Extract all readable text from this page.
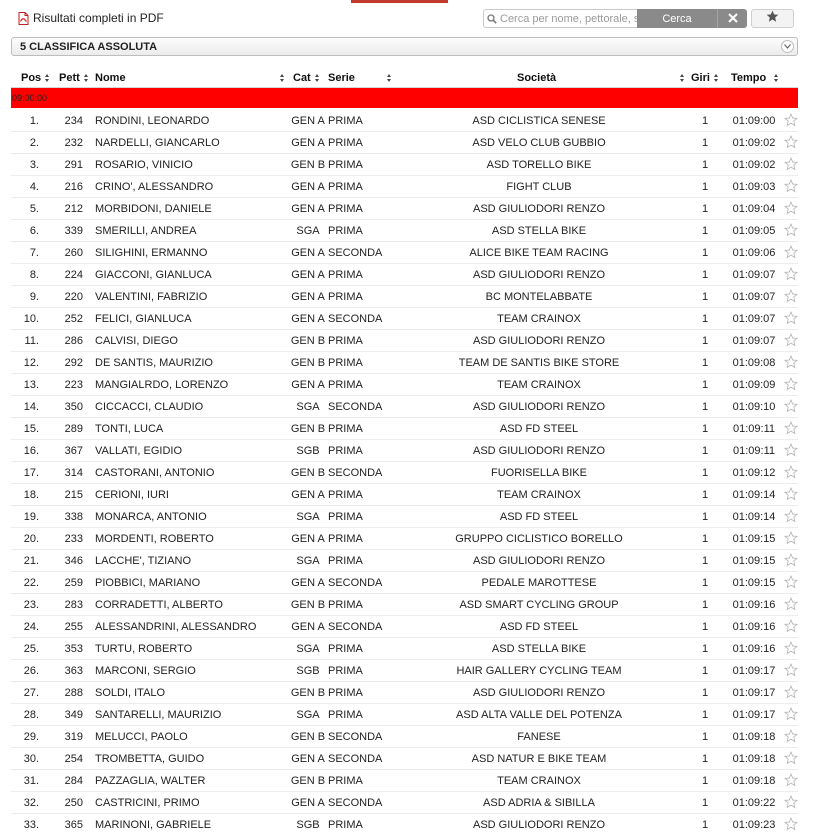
Risultati completi in PDF
Cerca per nome, pettorale, società	Cerca
5 CLASSIFICA ASSOLUTA
Pos Pett Nome	Cat Serie	Società	Giri Tempo
09:00:00
1.	234 RONDINI, LEONARDO	GEN A PRIMA	ASD CICLISTICA SENESE	1	01:09:00
2.	232 NARDELLI, GIANCARLO	GEN A PRIMA	ASD VELO CLUB GUBBIO	1	01:09:02
3.	291 ROSARIO, VINICIO	GEN B PRIMA	ASD TORELLO BIKE	1	01:09:02
4.	216 CRINO', ALESSANDRO	GEN A PRIMA	FIGHT CLUB	1	01:09:03
5.	212 MORBIDONI, DANIELE	GEN A PRIMA	ASD GIULIODORI RENZO	1	01:09:04
6.	339 SMERILLI, ANDREA	SGA PRIMA	ASD STELLA BIKE	1	01:09:05
7.	260 SILIGHINI, ERMANNO	GEN A SECONDA	ALICE BIKE TEAM RACING	1	01:09:06
8.	224 GIACCONI, GIANLUCA	GEN A PRIMA	ASD GIULIODORI RENZO	1	01:09:07
9.	220 VALENTINI, FABRIZIO	GEN A PRIMA	BC MONTELABBATE	1	01:09:07
10.	252 FELICI, GIANLUCA	GEN A SECONDA	TEAM CRAINOX	1	01:09:07
11.	286 CALVISI, DIEGO	GEN B PRIMA	ASD GIULIODORI RENZO	1	01:09:07
12.	292 DE SANTIS, MAURIZIO	GEN B PRIMA	TEAM DE SANTIS BIKE STORE	1	01:09:08
13.	223 MANGIALRDO, LORENZO	GEN A PRIMA	TEAM CRAINOX	1	01:09:09
14.	350 CICCACCI, CLAUDIO	SGA SECONDA	ASD GIULIODORI RENZO	1	01:09:10
15.	289 TONTI, LUCA	GEN B PRIMA	ASD FD STEEL	1	01:09:11
16.	367 VALLATI, EGIDIO	SGB PRIMA	ASD GIULIODORI RENZO	1	01:09:11
17.	314 CASTORANI, ANTONIO	GEN B SECONDA	FUORISELLA BIKE	1	01:09:12
18.	215 CERIONI, IURI	GEN A PRIMA	TEAM CRAINOX	1	01:09:14
19.	338 MONARCA, ANTONIO	SGA PRIMA	ASD FD STEEL	1	01:09:14
20.	233 MORDENTI, ROBERTO	GEN A PRIMA	GRUPPO CICLISTICO BORELLO	1	01:09:15
21.	346 LACCHE', TIZIANO	SGA PRIMA	ASD GIULIODORI RENZO	1	01:09:15
22.	259 PIOBBICI, MARIANO	GEN A SECONDA	PEDALE MAROTTESE	1	01:09:15
23.	283 CORRADETTI, ALBERTO	GEN B PRIMA	ASD SMART CYCLING GROUP	1	01:09:16
24.	255 ALESSANDRINI, ALESSANDRO	GEN A SECONDA	ASD FD STEEL	1	01:09:16
25.	353 TURTU, ROBERTO	SGA PRIMA	ASD STELLA BIKE	1	01:09:16
26.	363 MARCONI, SERGIO	SGB PRIMA	HAIR GALLERY CYCLING TEAM	1	01:09:17
27.	288 SOLDI, ITALO	GEN B PRIMA	ASD GIULIODORI RENZO	1	01:09:17
28.	349 SANTARELLI, MAURIZIO	SGA PRIMA	ASD ALTA VALLE DEL POTENZA	1	01:09:17
29.	319 MELUCCI, PAOLO	GEN B SECONDA	FANESE	1	01:09:18
30.	254 TROMBETTA, GUIDO	GEN A SECONDA	ASD NATUR E BIKE TEAM	1	01:09:18
31.	284 PAZZAGLIA, WALTER	GEN B PRIMA	TEAM CRAINOX	1	01:09:18
32.	250 CASTRICINI, PRIMO	GEN A SECONDA	ASD ADRIA & SIBILLA	1	01:09:22
33.	365 MARINONI, GABRIELE	SGB PRIMA	ASD GIULIODORI RENZO	1	01:09:23
